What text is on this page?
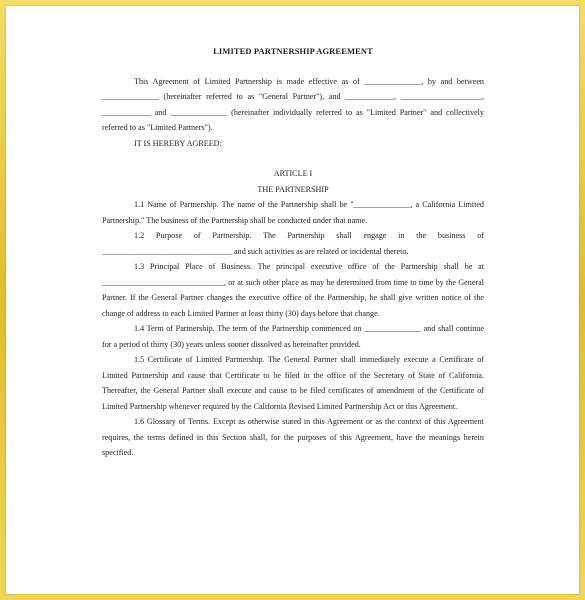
LIMITED PARTNERSHIP AGREEMENT

This Agreement of Limited Partnership is made effective as of ______________, by and between ______________ (hereinafter referred to as "General Partner"), and ____________, ____________________, ____________ and ______________ (hereinafter individually referred to as "Limited Partner" and collectively referred to as "Limited Partners").

IT IS HEREBY AGREED:

ARTICLE I
THE PARTNERSHIP

1.1 Name of Partnership. The name of the Partnership shall be "______________, a California Limited Partnership." The business of the Partnership shall be conducted under that name.

1.2 Purpose of Partnership. The Partnership shall engage in the business of ________________________________ and such activities as are related or incidental thereto.

1.3 Principal Place of Business. The principal executive office of the Partnership shall be at ______________________________, or at such other place as may be determined from time to time by the General Partner. If the General Partner changes the executive office of the Partnership, he shall give written notice of the change of address to each Limited Partner at least thirty (30) days before that change.

1.4 Term of Partnership. The term of the Partnership commenced on ______________ and shall continue for a period of thirty (30) years unless sooner dissolved as hereinafter provided.

1.5 Certificate of Limited Partnership. The General Partner shall immediately execute a Certificate of Limited Partnership and cause that Certificate to be filed in the office of the Secretary of State of California. Thereafter, the General Partner shall execute and cause to be filed certificates of amendment of the Certificate of Limited Partnership whenever required by the California Revised Limited Partnership Act or this Agreement.

1.6 Glossary of Terms. Except as otherwise stated in this Agreement or as the context of this Agreement requires, the terms defined in this Section shall, for the purposes of this Agreement, have the meanings herein specified.
